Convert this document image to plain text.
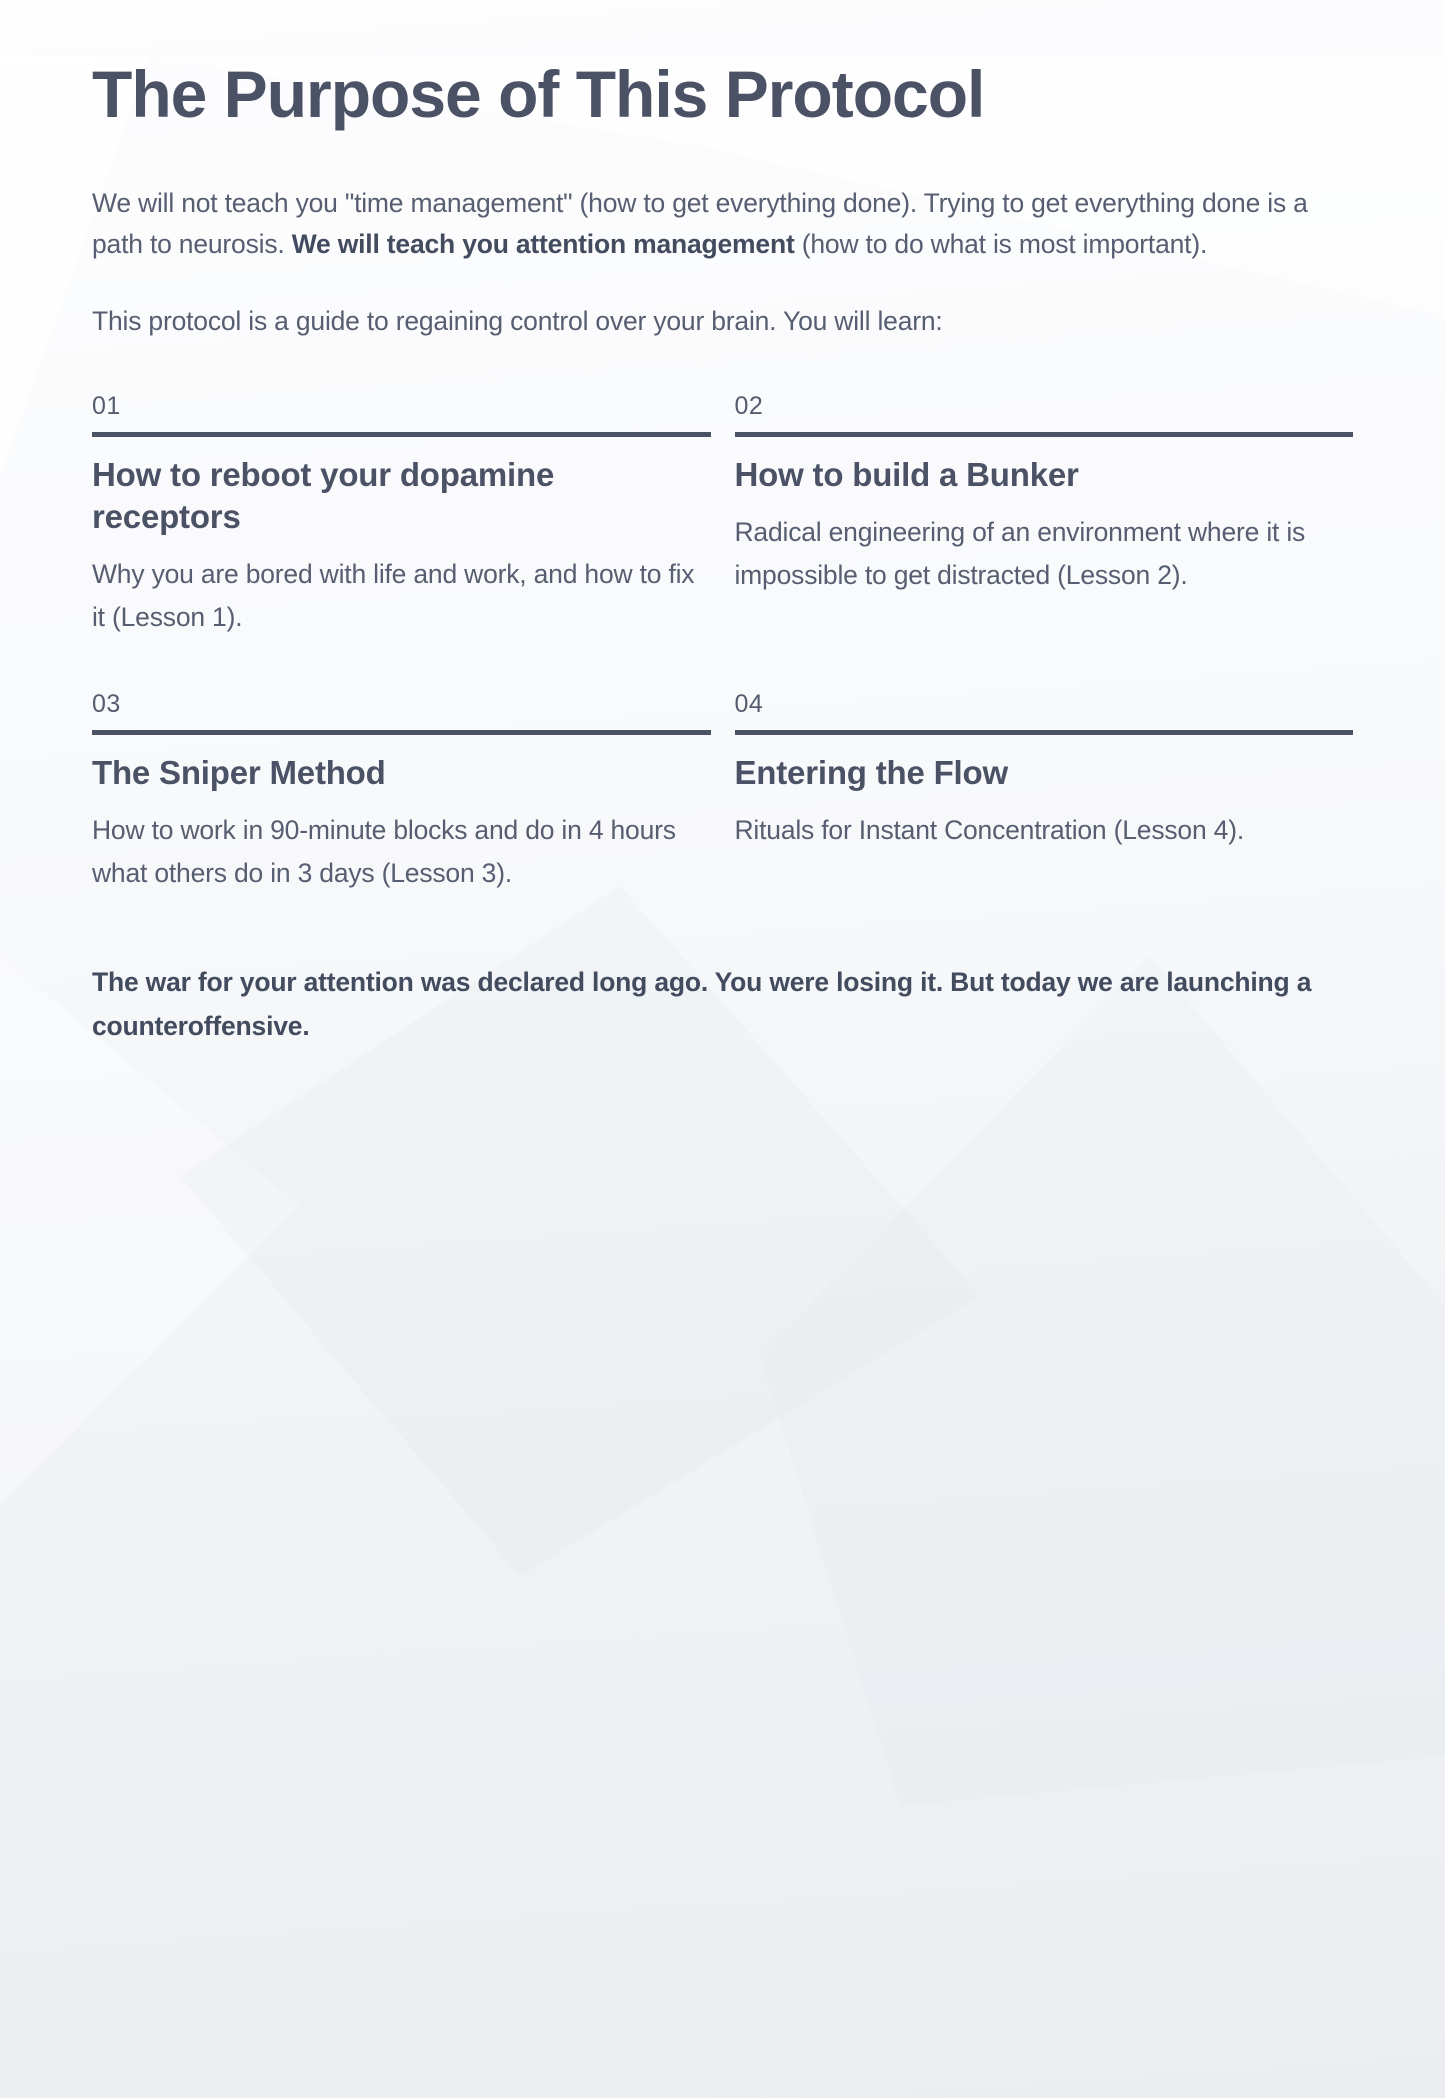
The Purpose of This Protocol

We will not teach you "time management" (how to get everything done). Trying to get everything done is a path to neurosis. We will teach you attention management (how to do what is most important).

This protocol is a guide to regaining control over your brain. You will learn:

01
How to reboot your dopamine receptors

Why you are bored with life and work, and how to fix it (Lesson 1).

02
How to build a Bunker

Radical engineering of an environment where it is impossible to get distracted (Lesson 2).

03
The Sniper Method

How to work in 90-minute blocks and do in 4 hours what others do in 3 days (Lesson 3).

04
Entering the Flow

Rituals for Instant Concentration (Lesson 4).

The war for your attention was declared long ago. You were losing it. But today we are launching a counteroffensive.
